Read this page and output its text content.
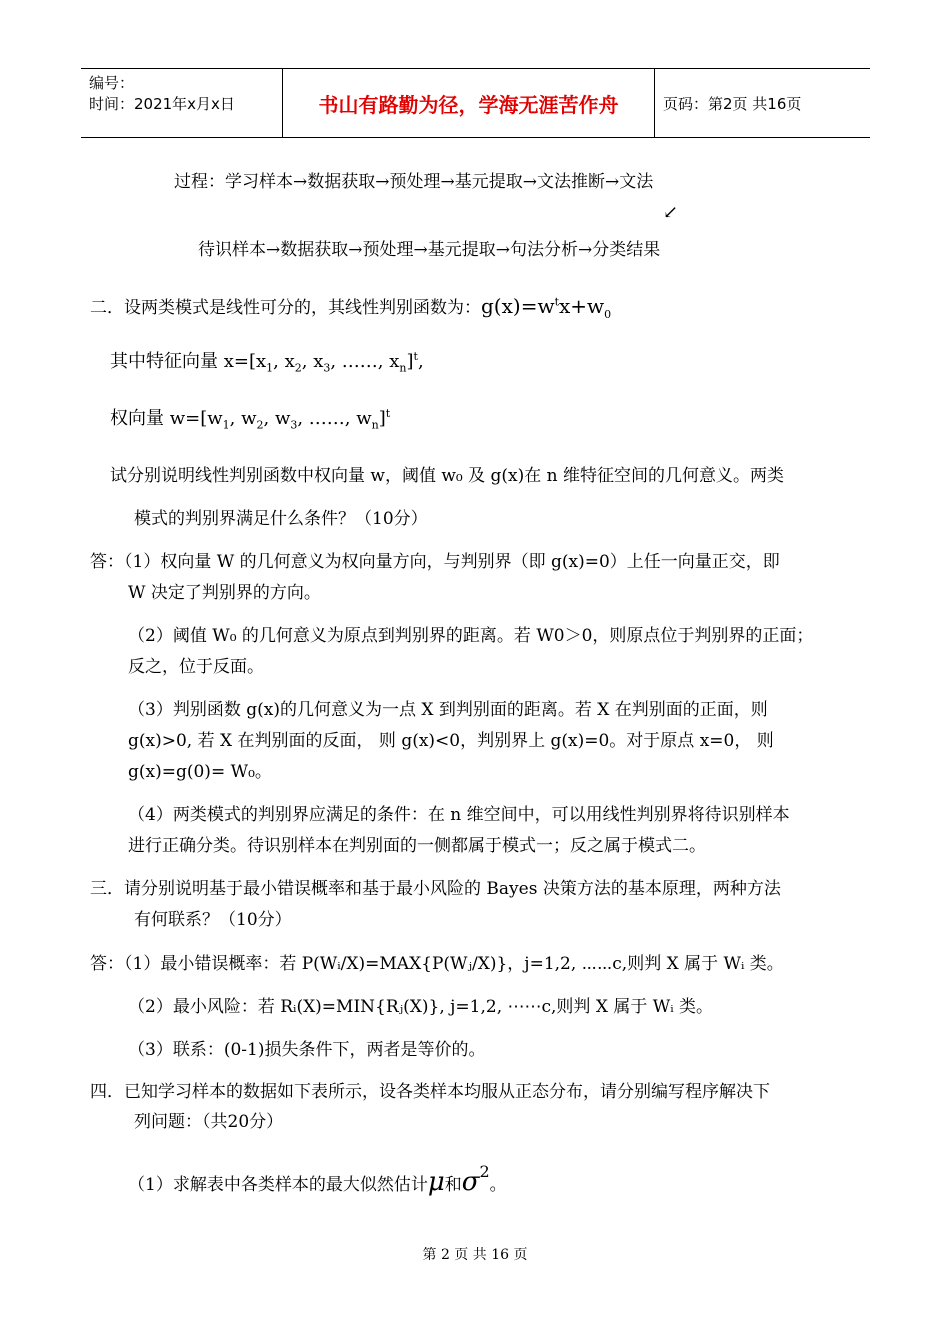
编号：
时间：2021年x月x日	书山有路勤为径，学海无涯苦作舟	页码：第2页 共16页
过程：学习样本→数据获取→预处理→基元提取→文法推断→文法
↙
待识样本→数据获取→预处理→基元提取→句法分析→分类结果
二．设两类模式是线性可分的，其线性判别函数为：$g(x)=w^tx+w_0$
其中特征向量 $x=[x_1$, $x_2$, $x_3$, ……, $x_n]^t$,
权向量 $w=[w_1$, $w_2$, $w_3$, ……, $w_n]^t$
试分别说明线性判别函数中权向量 w，阈值 w₀ 及 g(x)在 n 维特征空间的几何意义。两类
模式的判别界满足什么条件？（10分）
答：（1）权向量 W 的几何意义为权向量方向，与判别界（即 g(x)=0）上任一向量正交，即
W 决定了判别界的方向。
（2）阈值 W₀ 的几何意义为原点到判别界的距离。若 W0＞0，则原点位于判别界的正面；
反之，位于反面。
（3）判别函数 g(x)的几何意义为一点 X 到判别面的距离。若 X 在判别面的正面，则
g(x)>0, 若 X 在判别面的反面， 则 g(x)<0，判别界上 g(x)=0。对于原点 x=0， 则
g(x)=g(0)= W₀。
（4）两类模式的判别界应满足的条件：在 n 维空间中，可以用线性判别界将待识别样本
进行正确分类。待识别样本在判别面的一侧都属于模式一；反之属于模式二。
三．请分别说明基于最小错误概率和基于最小风险的 Bayes 决策方法的基本原理，两种方法
有何联系？（10分）
答：（1）最小错误概率：若 P(Wᵢ/X)=MAX{P(Wⱼ/X)}，j=1,2, ⋯⋯c,则判 X 属于 Wᵢ 类。
（2）最小风险：若 Rᵢ(X)=MIN{Rⱼ(X)}, j=1,2, ⋯⋯c,则判 X 属于 Wᵢ 类。
（3）联系：(0-1)损失条件下，两者是等价的。
四．已知学习样本的数据如下表所示，设各类样本均服从正态分布，请分别编写程序解决下
列问题：（共20分）
（1）求解表中各类样本的最大似然估计μ和$\sigma^2$。
第 2 页 共 16 页
